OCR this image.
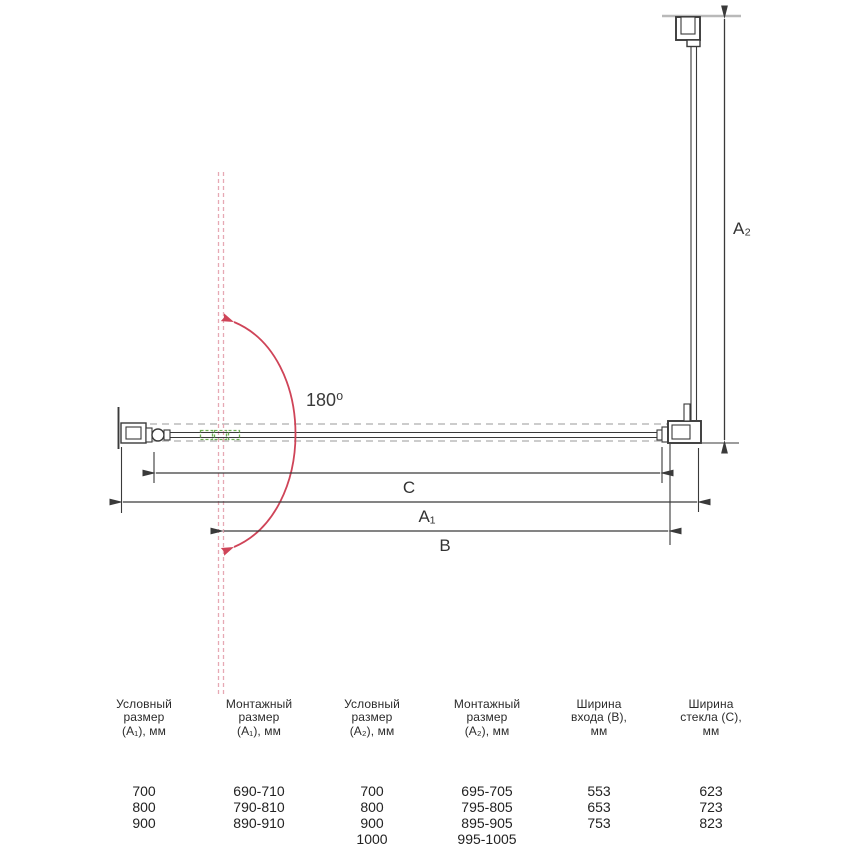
A₂
180⁰
C
A₁
B
Условный
размер
(A₁), мм
700
800
900
Монтажный
размер
(A₁), мм
690-710
790-810
890-910
Условный
размер
(A₂), мм
700
800
900
1000
Монтажный
размер
(A₂), мм
695-705
795-805
895-905
995-1005
Ширина
входа (B),
мм
553
653
753
Ширина
стекла (C),
мм
623
723
823
